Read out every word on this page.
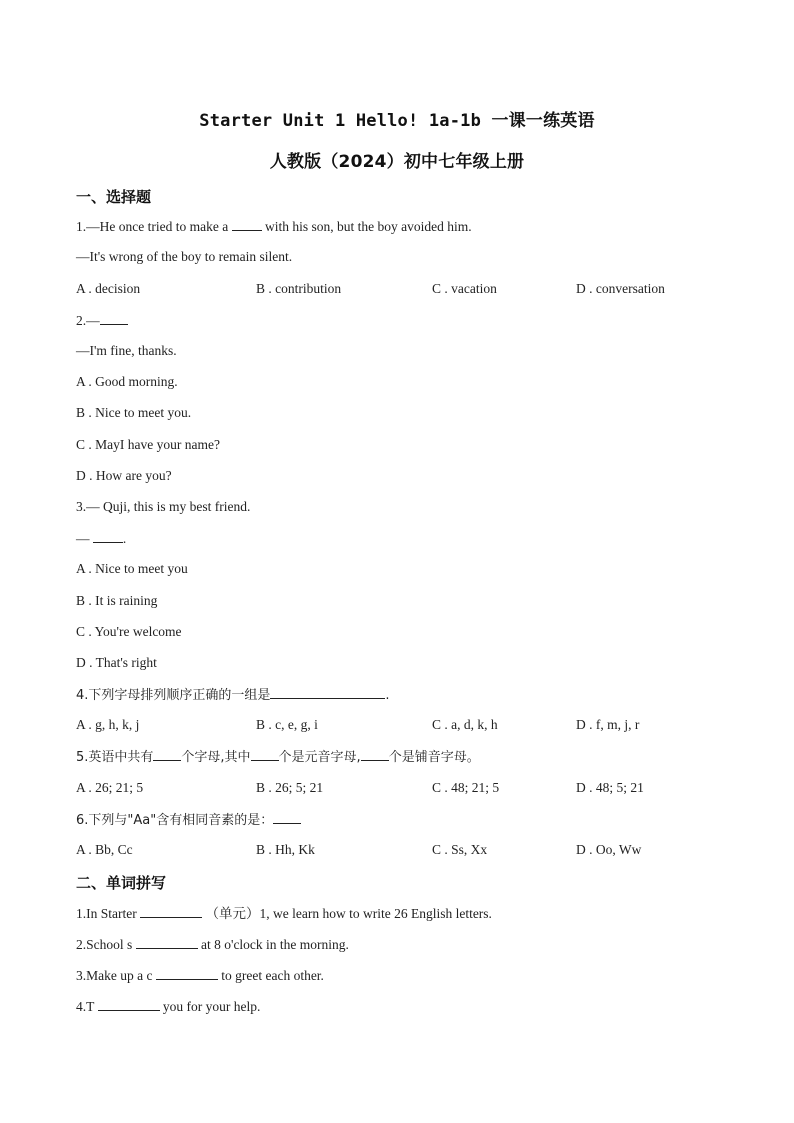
Starter Unit 1 Hello! 1a-1b 一课一练英语
人教版（2024）初中七年级上册
一、选择题
1.—He once tried to make a	with his son, but the boy avoided him.
—It's wrong of the boy to remain silent.
A . decision	B . contribution	C . vacation	D . conversation
2.—
—I'm fine, thanks.
A . Good morning.
B . Nice to meet you.
C . MayI have your name?
D . How are you?
3.— Quji, this is my best friend.
— .
A . Nice to meet you
B . It is raining
C . You're welcome
D . That's right
4.下列字母排列顺序正确的一组是	.
A . g, h, k, j	B . c, e, g, i	C . a, d, k, h	D . f, m, j, r
5.英语中共有 个字母,其中 个是元音字母, 个是铺音字母。
A . 26; 21; 5	B . 26; 5; 21	C . 48; 21; 5	D . 48; 5; 21
6.下列与"Aa"含有相同音素的是：
A . Bb, Cc	B . Hh, Kk	C . Ss, Xx	D . Oo, Ww
二、单词拼写
1.In Starter	（单元）1, we learn how to write 26 English letters.
2.School s	at 8 o'clock in the morning.
3.Make up a c	to greet each other.
4.T	you for your help.
